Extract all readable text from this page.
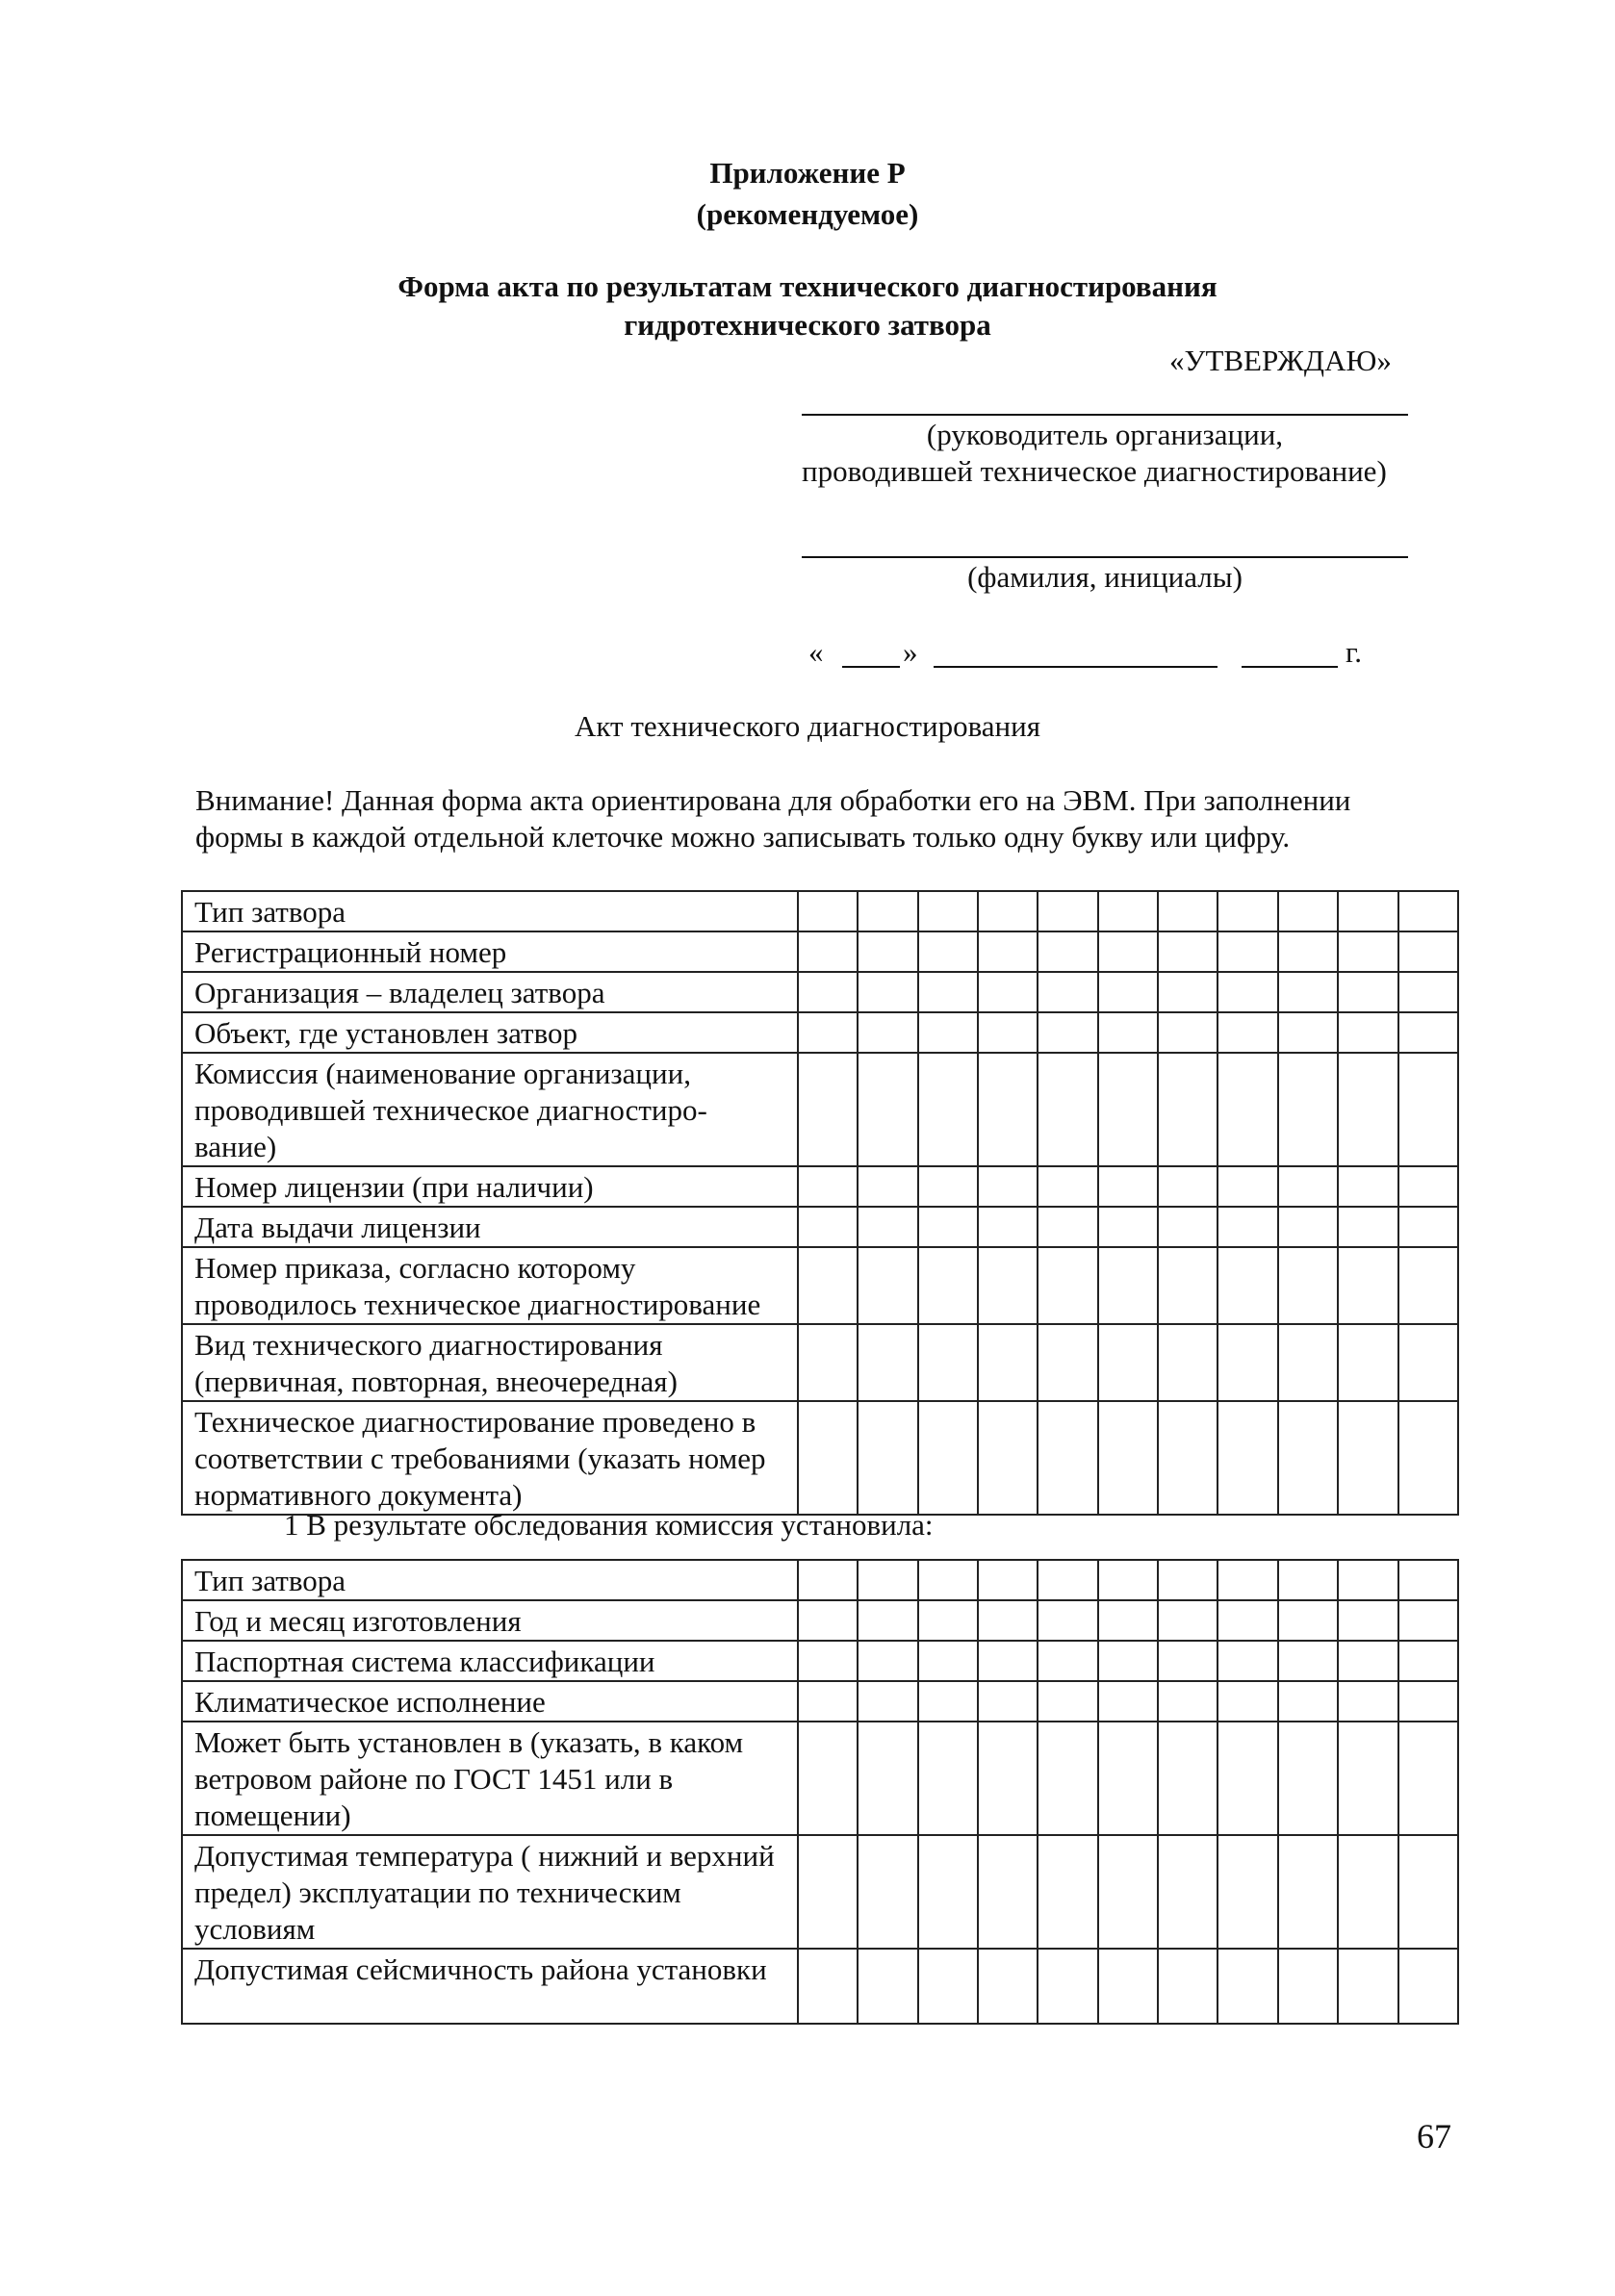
Приложение Р
(рекомендуемое)
Форма акта по результатам технического диагностирования
гидротехнического затвора
«УТВЕРЖДАЮ»
(руководитель организации,
проводившей техническое диагностирование)
(фамилия, инициалы)
«	»	г.
Акт технического диагностирования
Внимание! Данная форма акта ориентирована для обработки его на ЭВМ. При заполнении
формы в каждой отдельной клеточке можно записывать только одну букву или цифру.
Тип затвора											
Регистрационный номер											
Организация – владелец затвора											
Объект, где установлен затвор											
Комиссия (наименование организации, проводившей техническое диагностиро-вание)											
Номер лицензии (при наличии)											
Дата выдачи лицензии											
Номер приказа, согласно которому проводилось техническое диагностирование											
Вид технического диагностирования (первичная, повторная, внеочередная)											
Техническое диагностирование проведено в соответствии с требованиями (указать номер нормативного документа)											
1 В результате обследования комиссия установила:
Тип затвора											
Год и месяц изготовления											
Паспортная система классификации											
Климатическое исполнение											
Может быть установлен в (указать, в каком ветровом районе по ГОСТ 1451 или в помещении)											
Допустимая температура ( нижний и верхний предел) эксплуатации по техническим условиям											
Допустимая сейсмичность района установки											
67
